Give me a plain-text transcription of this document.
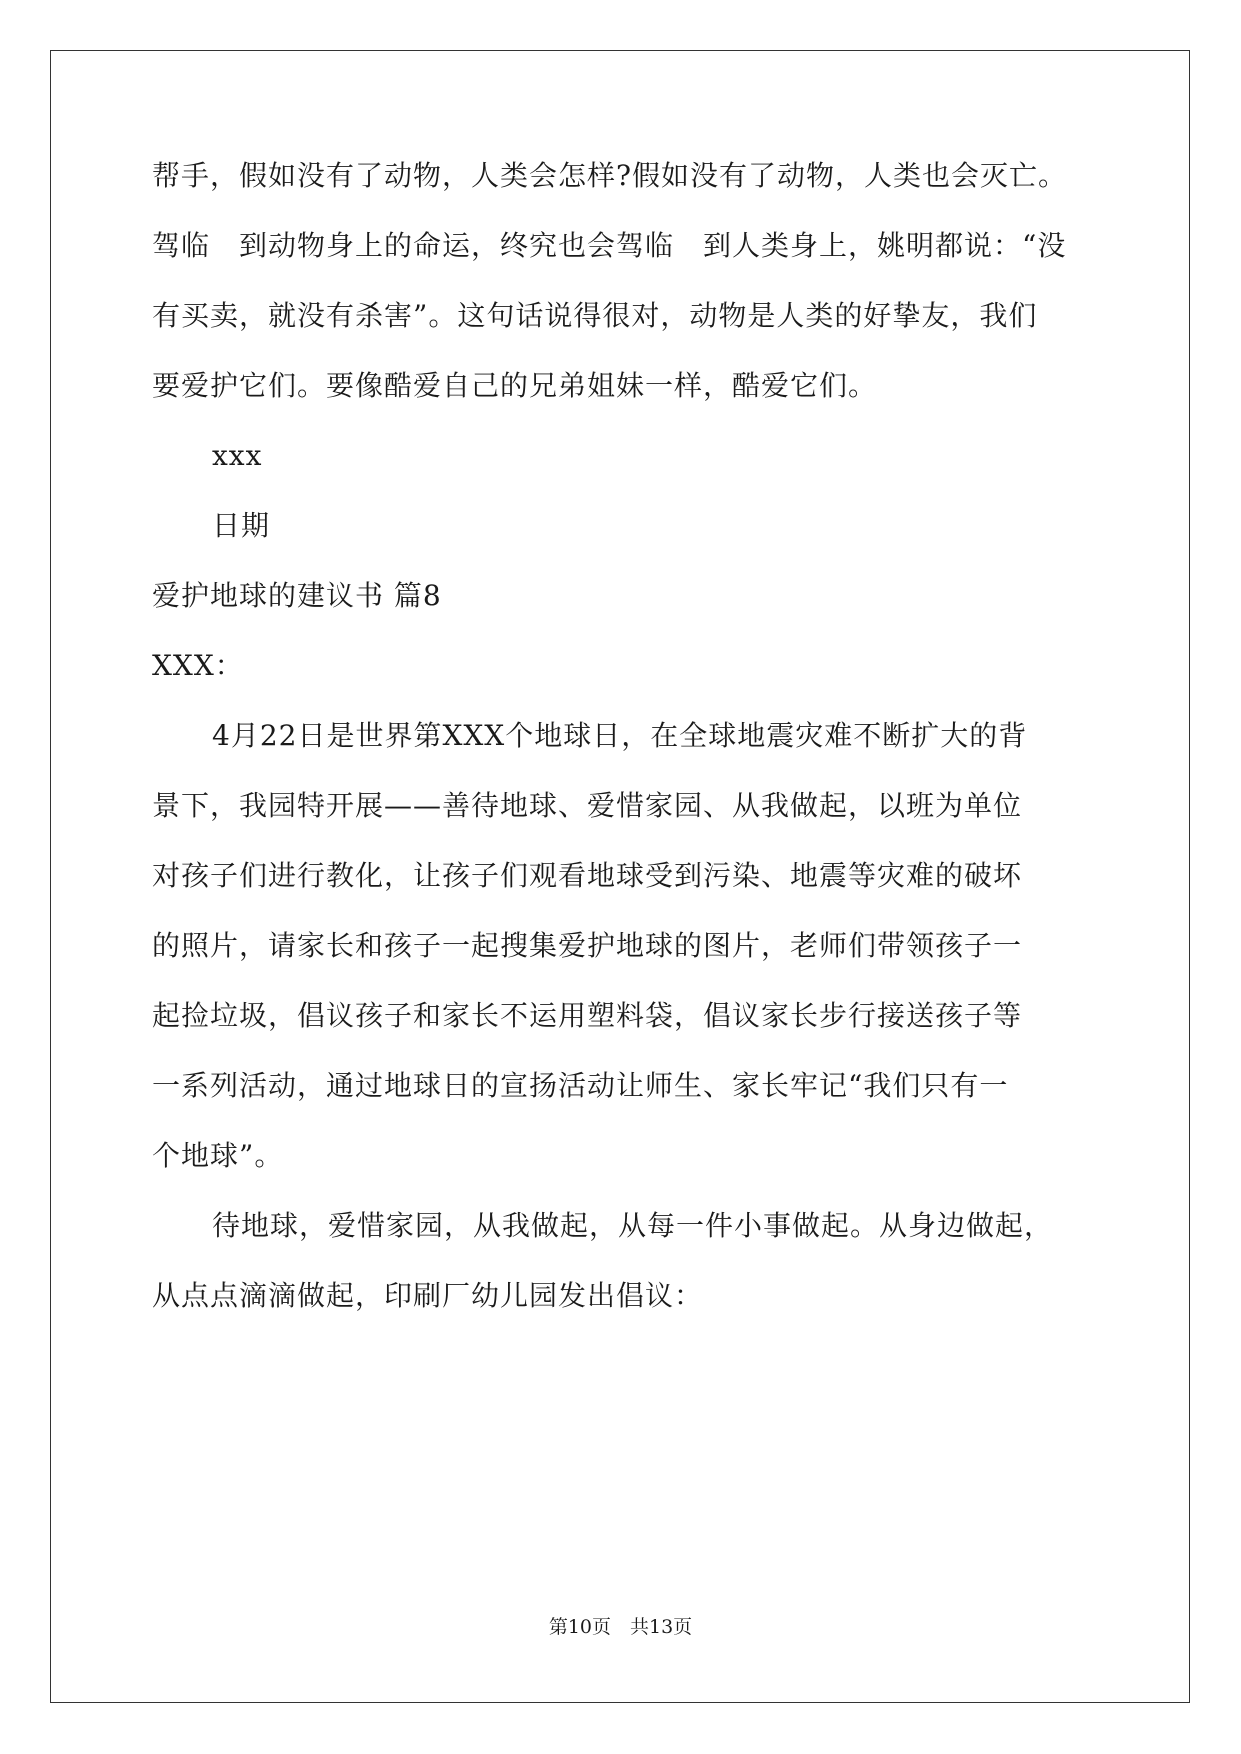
帮手，假如没有了动物，人类会怎样?假如没有了动物，人类也会灭亡。
驾临　到动物身上的命运，终究也会驾临　到人类身上，姚明都说：“没
有买卖，就没有杀害”。这句话说得很对，动物是人类的好挚友，我们
要爱护它们。要像酷爱自己的兄弟姐妹一样，酷爱它们。
xxx
日期
爱护地球的建议书 篇8
XXX：
4月22日是世界第XXX个地球日，在全球地震灾难不断扩大的背
景下，我园特开展——善待地球、爱惜家园、从我做起，以班为单位
对孩子们进行教化，让孩子们观看地球受到污染、地震等灾难的破坏
的照片，请家长和孩子一起搜集爱护地球的图片，老师们带领孩子一
起捡垃圾，倡议孩子和家长不运用塑料袋，倡议家长步行接送孩子等
一系列活动，通过地球日的宣扬活动让师生、家长牢记“我们只有一
个地球”。
待地球，爱惜家园，从我做起，从每一件小事做起。从身边做起，
从点点滴滴做起，印刷厂幼儿园发出倡议：
第10页　共13页
